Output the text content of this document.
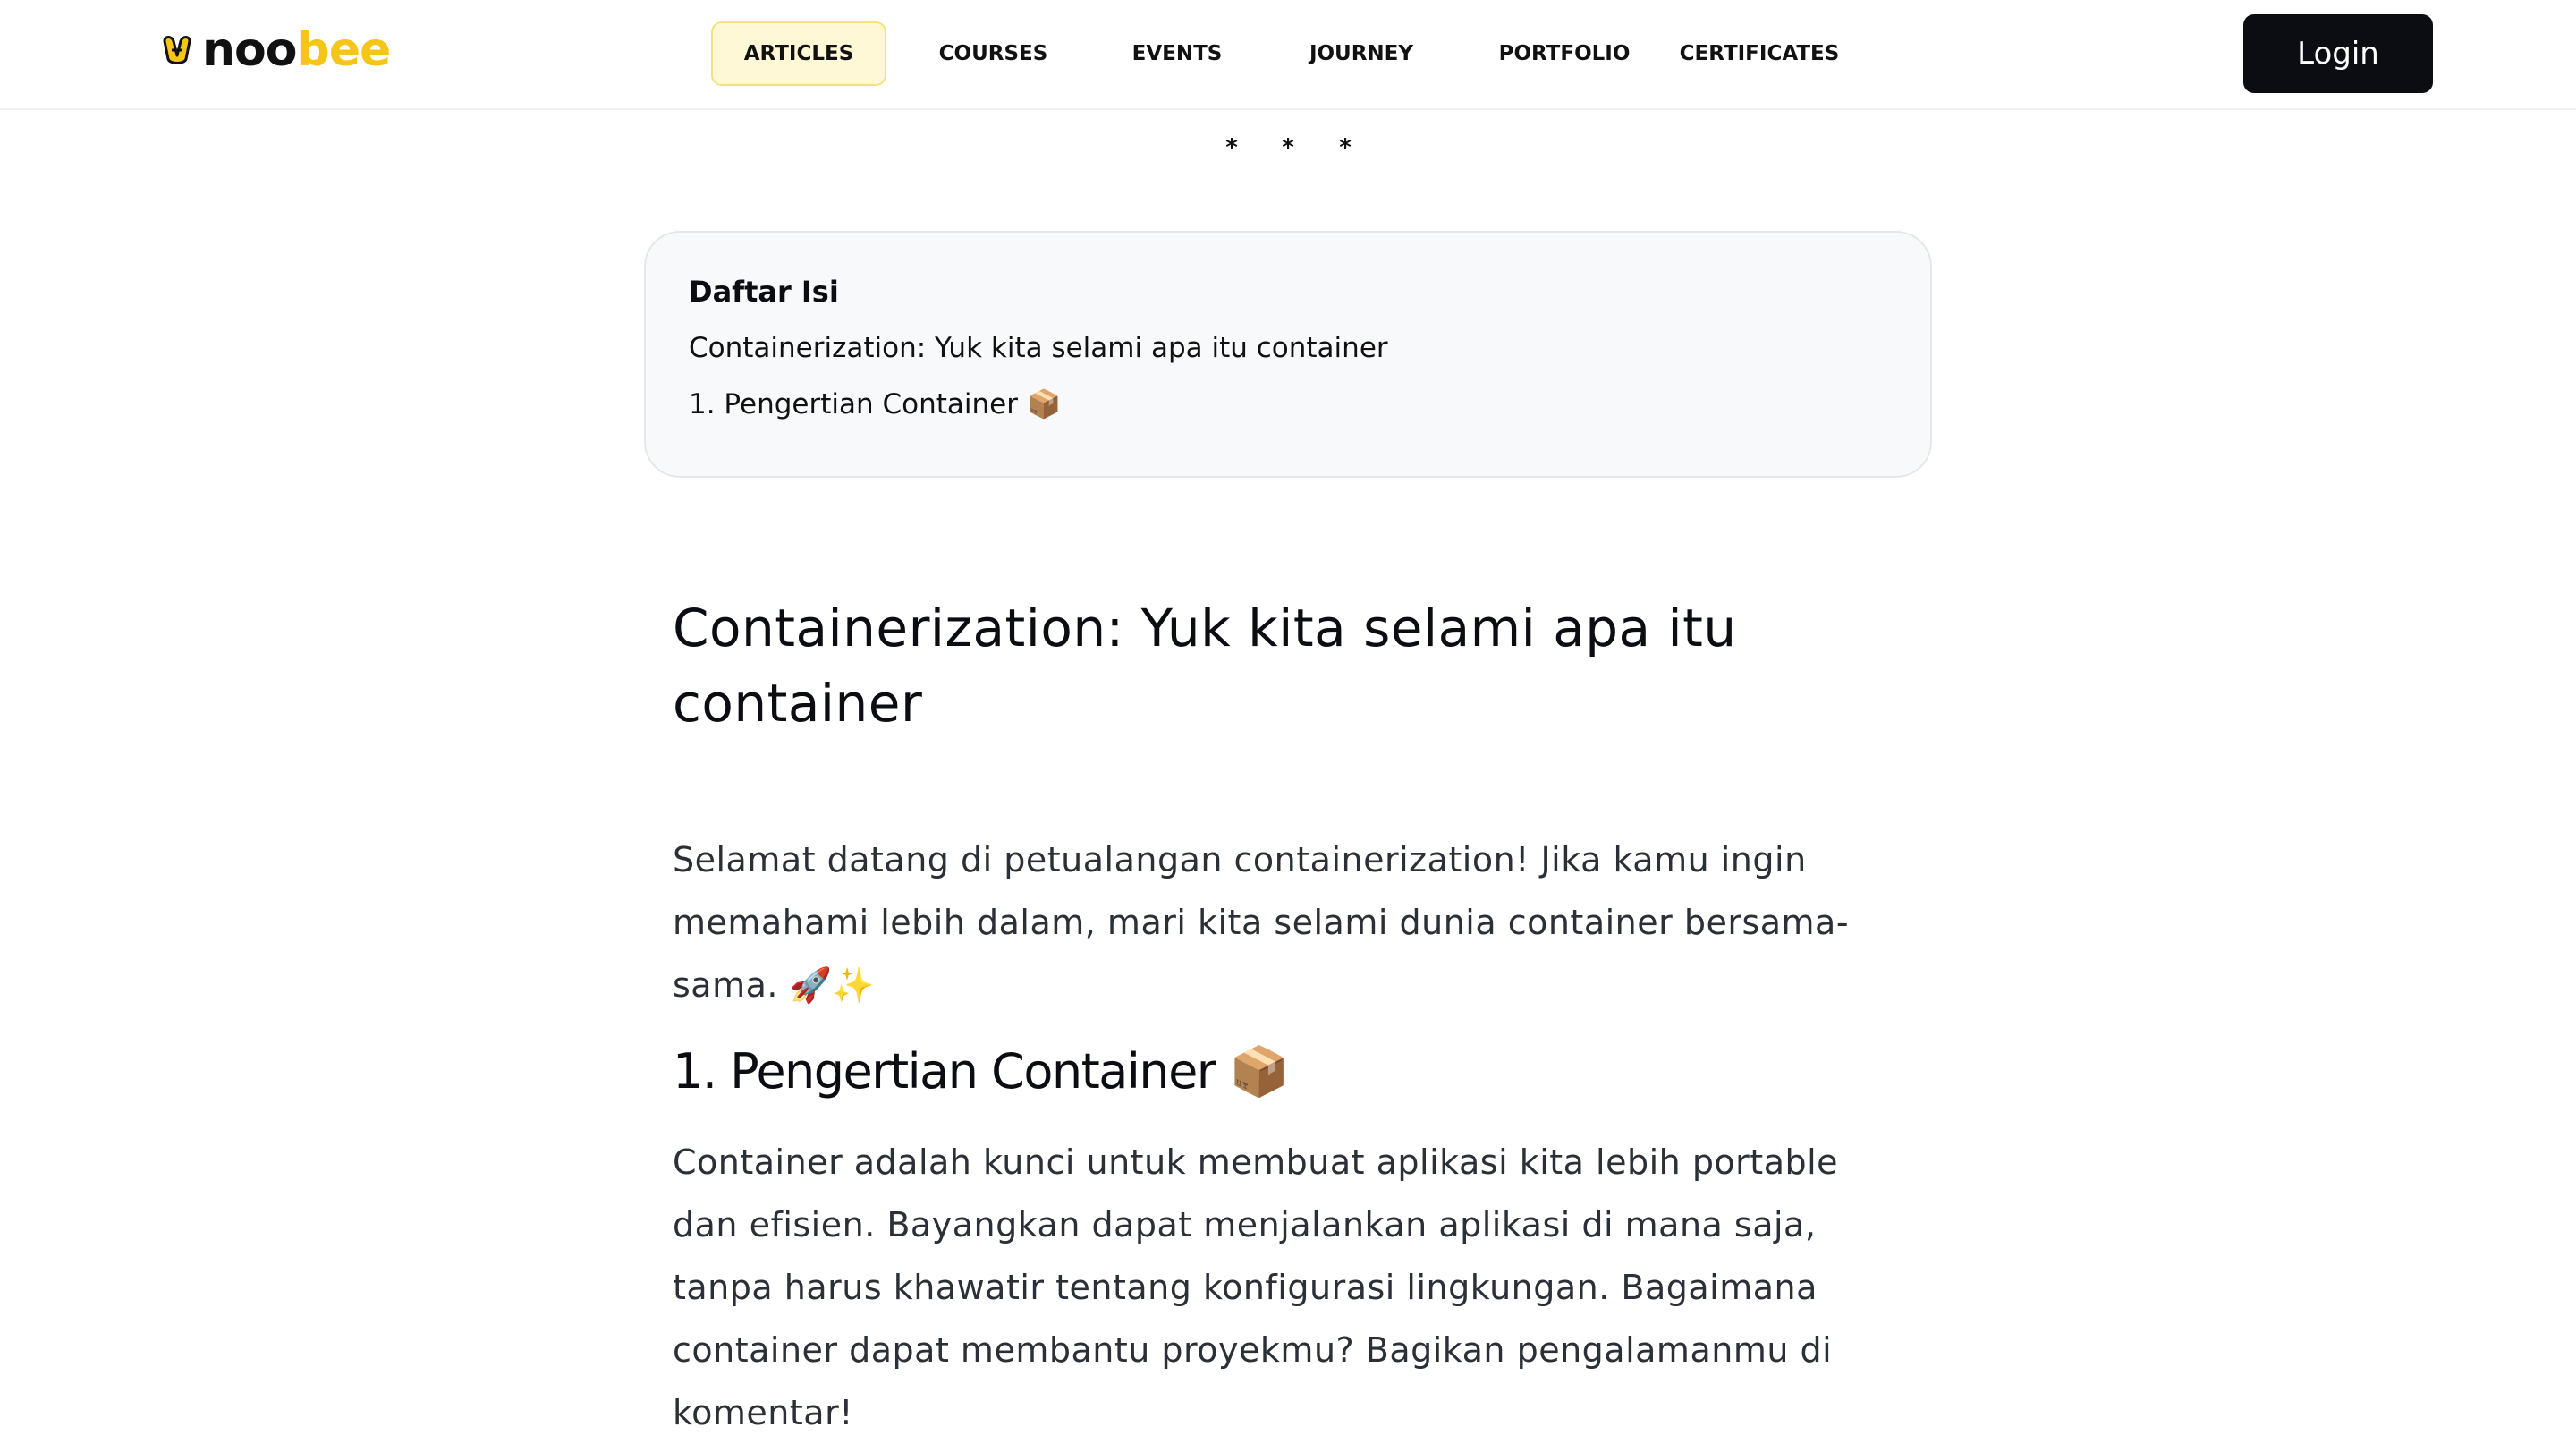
noobee	ARTICLES	COURSES	EVENTS	JOURNEY	PORTFOLIO	CERTIFICATES	Login
* * *
Daftar Isi
Containerization: Yuk kita selami apa itu container
1. Pengertian Container 📦
Containerization: Yuk kita selami apa itu container

Selamat datang di petualangan containerization! Jika kamu ingin memahami lebih dalam, mari kita selami dunia container bersama-sama. 🚀✨

1. Pengertian Container 📦

Container adalah kunci untuk membuat aplikasi kita lebih portable dan efisien. Bayangkan dapat menjalankan aplikasi di mana saja, tanpa harus khawatir tentang konfigurasi lingkungan. Bagaimana container dapat membantu proyekmu? Bagikan pengalamanmu di komentar!
